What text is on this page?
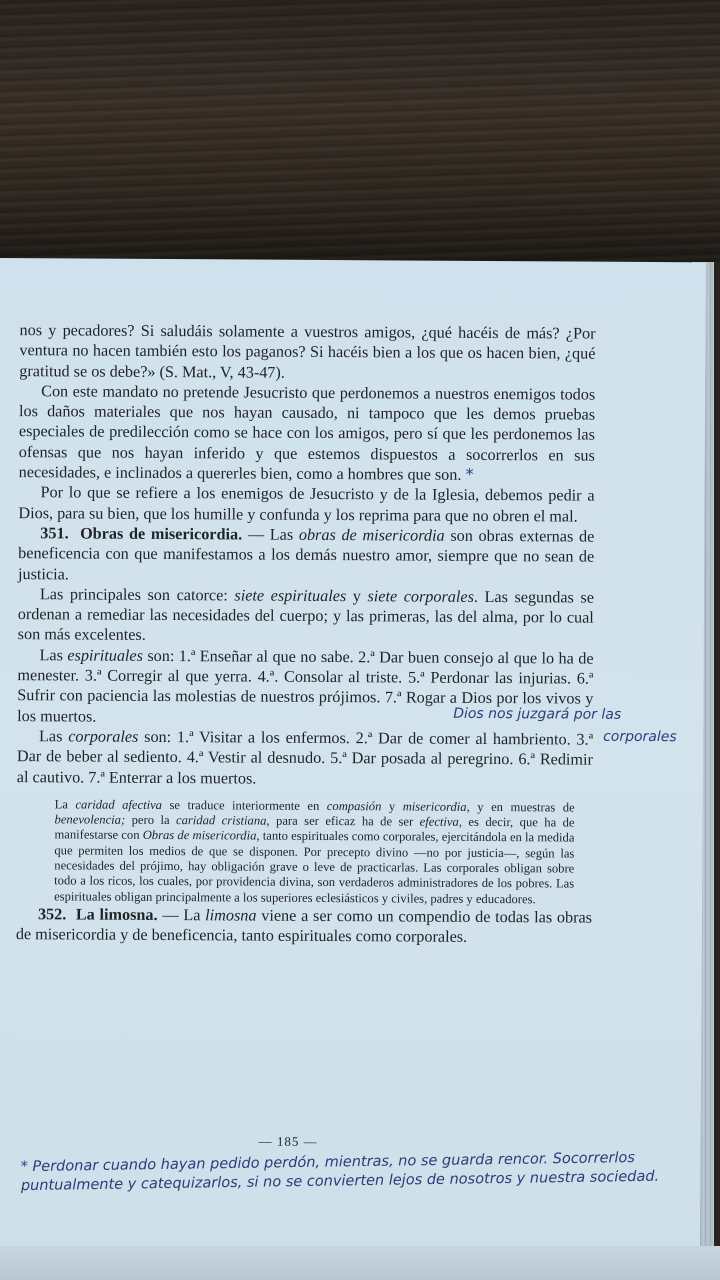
nos y pecadores? Si saludáis solamente a vuestros amigos, ¿qué hacéis de más? ¿Por ventura no hacen también esto los paganos? Si hacéis bien a los que os hacen bien, ¿qué gratitud se os debe?» (S. Mat., V, 43-47).

Con este mandato no pretende Jesucristo que perdonemos a nuestros enemigos todos los daños materiales que nos hayan causado, ni tampoco que les demos pruebas especiales de predilección como se hace con los amigos, pero sí que les perdonemos las ofensas que nos hayan inferido y que estemos dispuestos a socorrerlos en sus necesidades, e inclinados a quererles bien, como a hombres que son. *

Por lo que se refiere a los enemigos de Jesucristo y de la Iglesia, debemos pedir a Dios, para su bien, que los humille y confunda y los reprima para que no obren el mal.

351. Obras de misericordia. — Las obras de misericordia son obras externas de beneficencia con que manifestamos a los demás nuestro amor, siempre que no sean de justicia.

Las principales son catorce: siete espirituales y siete corporales. Las segundas se ordenan a remediar las necesidades del cuerpo; y las primeras, las del alma, por lo cual son más excelentes.

Las espirituales son: 1.ª Enseñar al que no sabe. 2.ª Dar buen consejo al que lo ha de menester. 3.ª Corregir al que yerra. 4.ª. Consolar al triste. 5.ª Perdonar las injurias. 6.ª Sufrir con paciencia las molestias de nuestros prójimos. 7.ª Rogar a Dios por los vivos y los muertos.

Las corporales son: 1.ª Visitar a los enfermos. 2.ª Dar de comer al hambriento. 3.ª Dar de beber al sediento. 4.ª Vestir al desnudo. 5.ª Dar posada al peregrino. 6.ª Redimir al cautivo. 7.ª Enterrar a los muertos.

La caridad afectiva se traduce interiormente en compasión y misericordia, y en muestras de benevolencia; pero la caridad cristiana, para ser eficaz ha de ser efectiva, es decir, que ha de manifestarse con Obras de misericordia, tanto espirituales como corporales, ejercitándola en la medida que permiten los medios de que se disponen. Por precepto divino —no por justicia—, según las necesidades del prójimo, hay obligación grave o leve de practicarlas. Las corporales obligan sobre todo a los ricos, los cuales, por providencia divina, son verdaderos administradores de los pobres. Las espirituales obligan principalmente a los superiores eclesiásticos y civiles, padres y educadores.

352. La limosna. — La limosna viene a ser como un compendio de todas las obras de misericordia y de beneficencia, tanto espirituales como corporales.

Dios nos juzgará por las
corporales
— 185 —
* Perdonar cuando hayan pedido perdón, mientras, no se guarda rencor. Socorrerlos puntualmente y catequizarlos, si no se convierten lejos de nosotros y nuestra sociedad.
